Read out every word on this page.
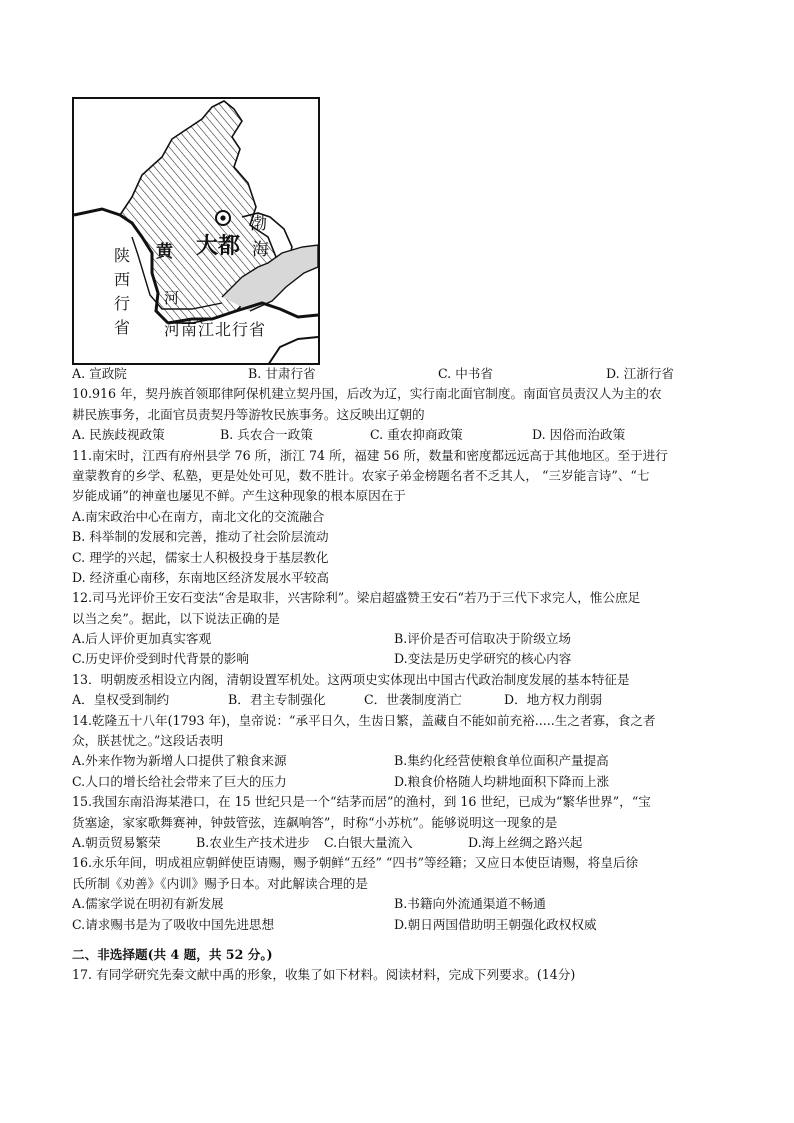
大都
黄
河
渤
海
陕
西
行
省 河南江北行省
A. 宣政院	B. 甘肃行省	C. 中书省	D. 江浙行省
10.916 年，契丹族首领耶律阿保机建立契丹国，后改为辽，实行南北面官制度。南面官员责汉人为主的农
耕民族事务，北面官员责契丹等游牧民族事务。这反映出辽朝的
A. 民族歧视政策	B. 兵农合一政策	C. 重农抑商政策	D. 因俗而治政策
11.南宋时，江西有府州县学 76 所，浙江 74 所，福建 56 所，数量和密度都远远高于其他地区。至于进行
童蒙教育的乡学、私塾，更是处处可见，数不胜计。农家子弟金榜题名者不乏其人， “三岁能言诗”、“七
岁能成诵”的神童也屡见不鲜。产生这种现象的根本原因在于
A.南宋政治中心在南方，南北文化的交流融合
B. 科举制的发展和完善，推动了社会阶层流动
C. 理学的兴起，儒家士人积极投身于基层教化
D. 经济重心南移，东南地区经济发展水平较高
12.司马光评价王安石变法“舍是取非，兴害除利”。梁启超盛赞王安石“若乃于三代下求完人，惟公庶足
以当之矣”。据此，以下说法正确的是
A.后人评价更加真实客观	B.评价是否可信取决于阶级立场
C.历史评价受到时代背景的影响	D.变法是历史学研究的核心内容
13．明朝废丞相设立内阁，清朝设置军机处。这两项史实体现出中国古代政治制度发展的基本特征是
A．皇权受到制约	B．君主专制强化	C．世袭制度消亡	D．地方权力削弱
14.乾隆五十八年(1793 年)，皇帝说：“承平日久，生齿日繁，盖藏自不能如前充裕.....生之者寡，食之者
众，朕甚忧之。”这段话表明
A.外来作物为新增人口提供了粮食来源	B.集约化经营使粮食单位面积产量提高
C.人口的增长给社会带来了巨大的压力	D.粮食价格随人均耕地面积下降而上涨
15.我国东南沿海某港口，在 15 世纪只是一个“结茅而居”的渔村，到 16 世纪，已成为“繁华世界”，“宝
货塞途，家家歌舞赛神，钟鼓管弦，连飙响答”，时称“小苏杭”。能够说明这一现象的是
A.朝贡贸易繁荣	B.农业生产技术进步	C.白银大量流入	D.海上丝绸之路兴起
16.永乐年间，明成祖应朝鲜使臣请赐，赐予朝鲜“五经” “四书”等经籍；又应日本使臣请赐，将皇后徐
氏所制《劝善》《内训》赐予日本。对此解读合理的是
A.儒家学说在明初有新发展	B.书籍向外流通渠道不畅通
C.请求赐书是为了吸收中国先进思想	D.朝日两国借助明王朝强化政权权威
二、非选择题(共 4 题，共 52 分。)
17. 有同学研究先秦文献中禹的形象，收集了如下材料。阅读材料，完成下列要求。(14分)
